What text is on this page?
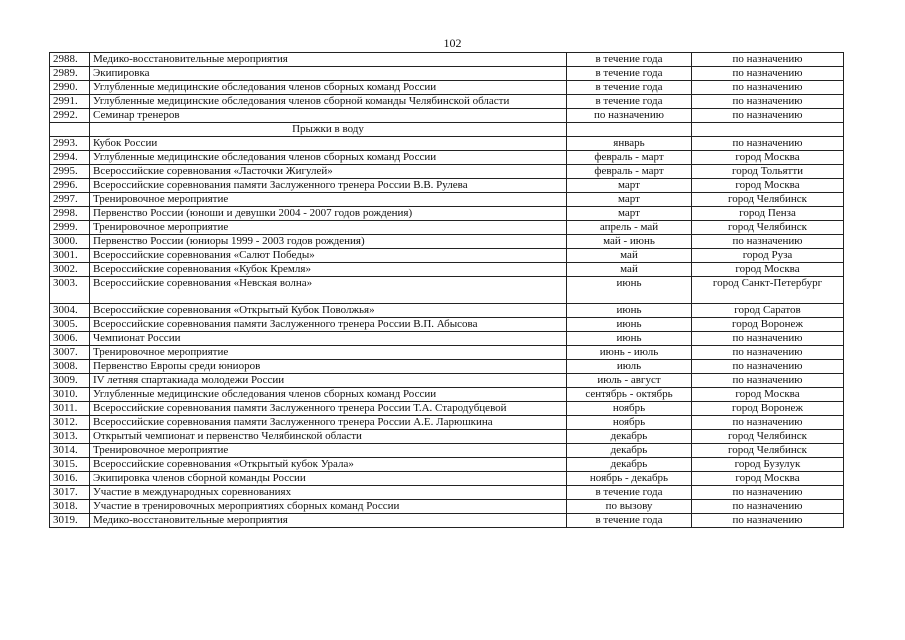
102
2988.	Медико-восстановительные мероприятия	в течение года	по назначению
2989.	Экипировка	в течение года	по назначению
2990.	Углубленные медицинские обследования членов сборных команд России	в течение года	по назначению
2991.	Углубленные медицинские обследования членов сборной команды Челябинской области	в течение года	по назначению
2992.	Семинар тренеров	по назначению	по назначению
	Прыжки в воду		
2993.	Кубок России	январь	по назначению
2994.	Углубленные медицинские обследования членов сборных команд России	февраль - март	город Москва
2995.	Всероссийские соревнования «Ласточки Жигулей»	февраль - март	город Тольятти
2996.	Всероссийские соревнования памяти Заслуженного тренера России В.В. Рулева	март	город Москва
2997.	Тренировочное мероприятие	март	город Челябинск
2998.	Первенство России (юноши и девушки 2004 - 2007 годов рождения)	март	город Пенза
2999.	Тренировочное мероприятие	апрель - май	город Челябинск
3000.	Первенство России (юниоры 1999 - 2003 годов рождения)	май - июнь	по назначению
3001.	Всероссийские соревнования «Салют Победы»	май	город Руза
3002.	Всероссийские соревнования «Кубок Кремля»	май	город Москва
3003.	Всероссийские соревнования «Невская волна»	июнь	город Санкт-Петербург
3004.	Всероссийские соревнования «Открытый Кубок Поволжья»	июнь	город Саратов
3005.	Всероссийские соревнования памяти Заслуженного тренера России В.П. Абысова	июнь	город Воронеж
3006.	Чемпионат России	июнь	по назначению
3007.	Тренировочное мероприятие	июнь - июль	по назначению
3008.	Первенство Европы среди юниоров	июль	по назначению
3009.	IV летняя спартакиада молодежи России	июль - август	по назначению
3010.	Углубленные медицинские обследования членов сборных команд России	сентябрь - октябрь	город Москва
3011.	Всероссийские соревнования памяти Заслуженного тренера России Т.А. Стародубцевой	ноябрь	город Воронеж
3012.	Всероссийские соревнования памяти Заслуженного тренера России А.Е. Ларюшкина	ноябрь	по назначению
3013.	Открытый чемпионат и первенство Челябинской области	декабрь	город Челябинск
3014.	Тренировочное мероприятие	декабрь	город Челябинск
3015.	Всероссийские соревнования «Открытый кубок Урала»	декабрь	город Бузулук
3016.	Экипировка членов сборной команды России	ноябрь - декабрь	город Москва
3017.	Участие в международных соревнованиях	в течение года	по назначению
3018.	Участие в тренировочных мероприятиях сборных команд России	по вызову	по назначению
3019.	Медико-восстановительные мероприятия	в течение года	по назначению
